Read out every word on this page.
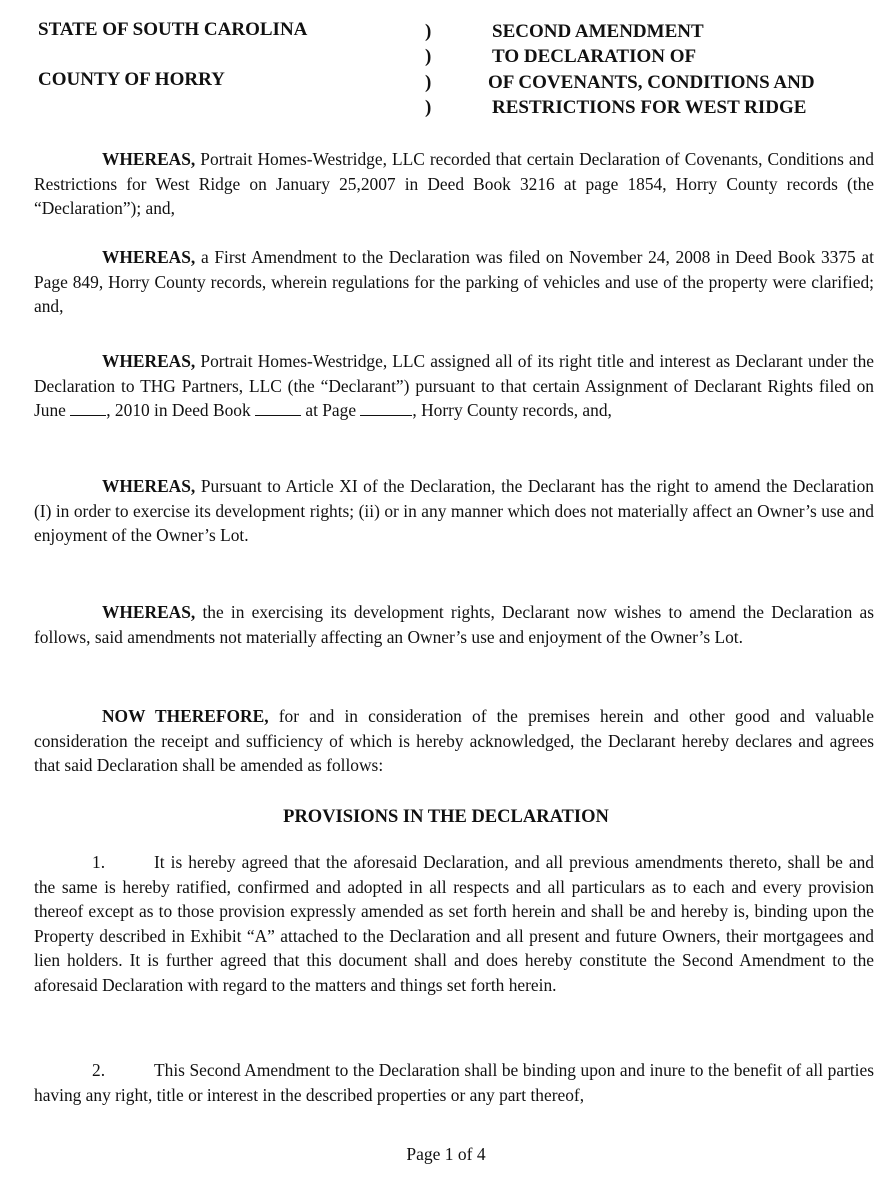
STATE OF SOUTH CAROLINA
COUNTY OF HORRY
)
)
)
)
SECOND AMENDMENT
TO DECLARATION OF
OF COVENANTS, CONDITIONS AND
RESTRICTIONS FOR WEST RIDGE
WHEREAS, Portrait Homes-Westridge, LLC recorded that certain Declaration of Covenants, Conditions and Restrictions for West Ridge on January 25,2007 in Deed Book 3216 at page 1854, Horry County records (the “Declaration”); and,
WHEREAS, a First Amendment to the Declaration was filed on November 24, 2008 in Deed Book 3375 at Page 849, Horry County records, wherein regulations for the parking of vehicles and use of the property were clarified; and,
WHEREAS, Portrait Homes-Westridge, LLC assigned all of its right title and interest as Declarant under the Declaration to THG Partners, LLC (the “Declarant”) pursuant to that certain Assignment of Declarant Rights filed on June , 2010 in Deed Book	at Page	, Horry County records, and,
WHEREAS, Pursuant to Article XI of the Declaration, the Declarant has the right to amend the Declaration (I) in order to exercise its development rights; (ii) or in any manner which does not materially affect an Owner’s use and enjoyment of the Owner’s Lot.
WHEREAS, the in exercising its development rights, Declarant now wishes to amend the Declaration as follows, said amendments not materially affecting an Owner’s use and enjoyment of the Owner’s Lot.
NOW THEREFORE, for and in consideration of the premises herein and other good and valuable consideration the receipt and sufficiency of which is hereby acknowledged, the Declarant hereby declares and agrees that said Declaration shall be amended as follows:
PROVISIONS IN THE DECLARATION
1.	It is hereby agreed that the aforesaid Declaration, and all previous amendments thereto, shall be and the same is hereby ratified, confirmed and adopted in all respects and all particulars as to each and every provision thereof except as to those provision expressly amended as set forth herein and shall be and hereby is, binding upon the Property described in Exhibit “A” attached to the Declaration and all present and future Owners, their mortgagees and lien holders. It is further agreed that this document shall and does hereby constitute the Second Amendment to the aforesaid Declaration with regard to the matters and things set forth herein.
2.	This Second Amendment to the Declaration shall be binding upon and inure to the benefit of all parties having any right, title or interest in the described properties or any part thereof,
Page 1 of 4
